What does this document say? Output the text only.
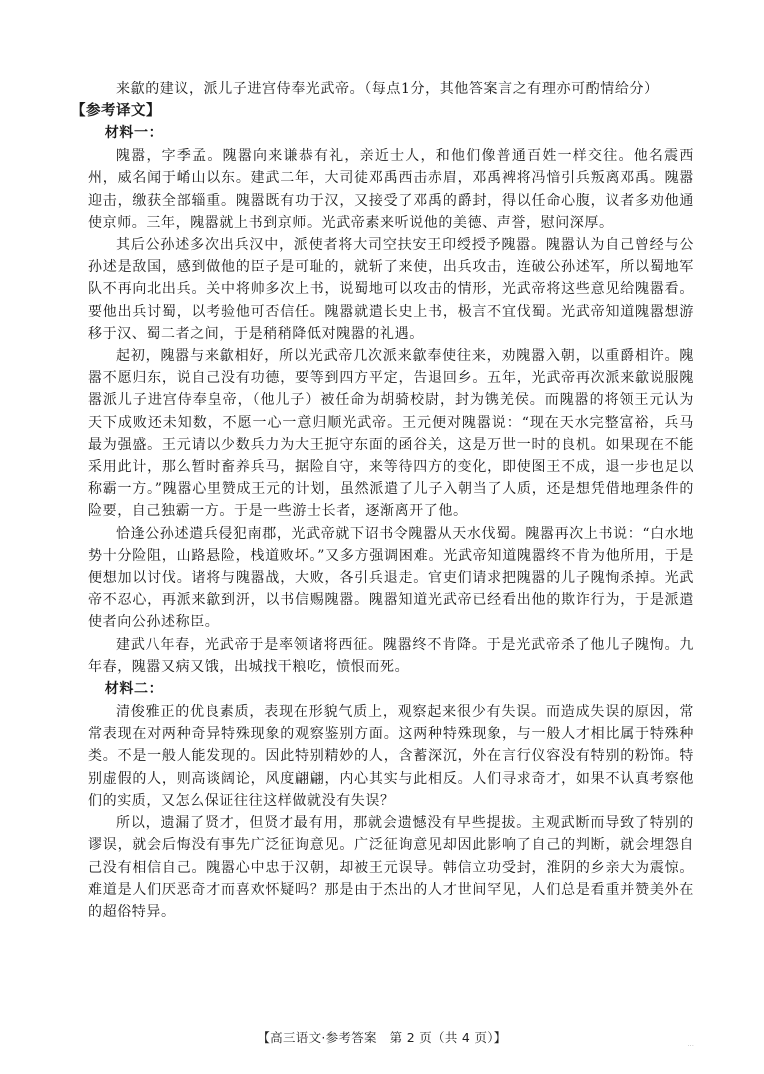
来歙的建议，派儿子进宫侍奉光武帝。（每点1分，其他答案言之有理亦可酌情给分）

【参考译文】

材料一：

隗嚣，字季孟。隗嚣向来谦恭有礼，亲近士人，和他们像普通百姓一样交往。他名震西州，威名闻于崤山以东。建武二年，大司徒邓禹西击赤眉，邓禹裨将冯愔引兵叛离邓禹。隗嚣迎击，缴获全部辎重。隗嚣既有功于汉，又接受了邓禹的爵封，得以任命心腹，议者多劝他通使京师。三年，隗嚣就上书到京师。光武帝素来听说他的美德、声誉，慰问深厚。

其后公孙述多次出兵汉中，派使者将大司空扶安王印绶授予隗嚣。隗嚣认为自己曾经与公孙述是敌国，感到做他的臣子是可耻的，就斩了来使，出兵攻击，连破公孙述军，所以蜀地军队不再向北出兵。关中将帅多次上书，说蜀地可以攻击的情形，光武帝将这些意见给隗嚣看。要他出兵讨蜀，以考验他可否信任。隗嚣就遣长史上书，极言不宜伐蜀。光武帝知道隗嚣想游移于汉、蜀二者之间，于是稍稍降低对隗嚣的礼遇。

起初，隗嚣与来歙相好，所以光武帝几次派来歙奉使往来，劝隗嚣入朝，以重爵相许。隗嚣不愿归东，说自己没有功德，要等到四方平定，告退回乡。五年，光武帝再次派来歙说服隗嚣派儿子进宫侍奉皇帝，（他儿子）被任命为胡骑校尉，封为镌羌侯。而隗嚣的将领王元认为天下成败还未知数，不愿一心一意归顺光武帝。王元便对隗嚣说：“现在天水完整富裕，兵马最为强盛。王元请以少数兵力为大王扼守东面的函谷关，这是万世一时的良机。如果现在不能采用此计，那么暂时畜养兵马，据险自守，来等待四方的变化，即使图王不成，退一步也足以称霸一方。”隗嚣心里赞成王元的计划，虽然派遣了儿子入朝当了人质，还是想凭借地理条件的险要，自己独霸一方。于是一些游士长者，逐渐离开了他。

恰逢公孙述遣兵侵犯南郡，光武帝就下诏书令隗嚣从天水伐蜀。隗嚣再次上书说：“白水地势十分险阻，山路悬险，栈道败坏。”又多方强调困难。光武帝知道隗嚣终不肯为他所用，于是便想加以讨伐。诸将与隗嚣战，大败，各引兵退走。官吏们请求把隗嚣的儿子隗恂杀掉。光武帝不忍心，再派来歙到汧，以书信赐隗嚣。隗嚣知道光武帝已经看出他的欺诈行为，于是派遣使者向公孙述称臣。

建武八年春，光武帝于是率领诸将西征。隗嚣终不肯降。于是光武帝杀了他儿子隗恂。九年春，隗嚣又病又饿，出城找干粮吃，愤恨而死。

材料二：

清俊雅正的优良素质，表现在形貌气质上，观察起来很少有失误。而造成失误的原因，常常表现在对两种奇异特殊现象的观察鉴别方面。这两种特殊现象，与一般人才相比属于特殊种类。不是一般人能发现的。因此特别精妙的人，含蓄深沉，外在言行仪容没有特别的粉饰。特别虚假的人，则高谈阔论，风度翩翩，内心其实与此相反。人们寻求奇才，如果不认真考察他们的实质，又怎么保证往往这样做就没有失误？

所以，遗漏了贤才，但贤才最有用，那就会遗憾没有早些提拔。主观武断而导致了特别的谬误，就会后悔没有事先广泛征询意见。广泛征询意见却因此影响了自己的判断，就会埋怨自己没有相信自己。隗嚣心中忠于汉朝，却被王元误导。韩信立功受封，淮阴的乡亲大为震惊。难道是人们厌恶奇才而喜欢怀疑吗？那是由于杰出的人才世间罕见，人们总是看重并赞美外在的超俗特异。

【高三语文·参考答案　第 2 页（共 4 页）】	...
